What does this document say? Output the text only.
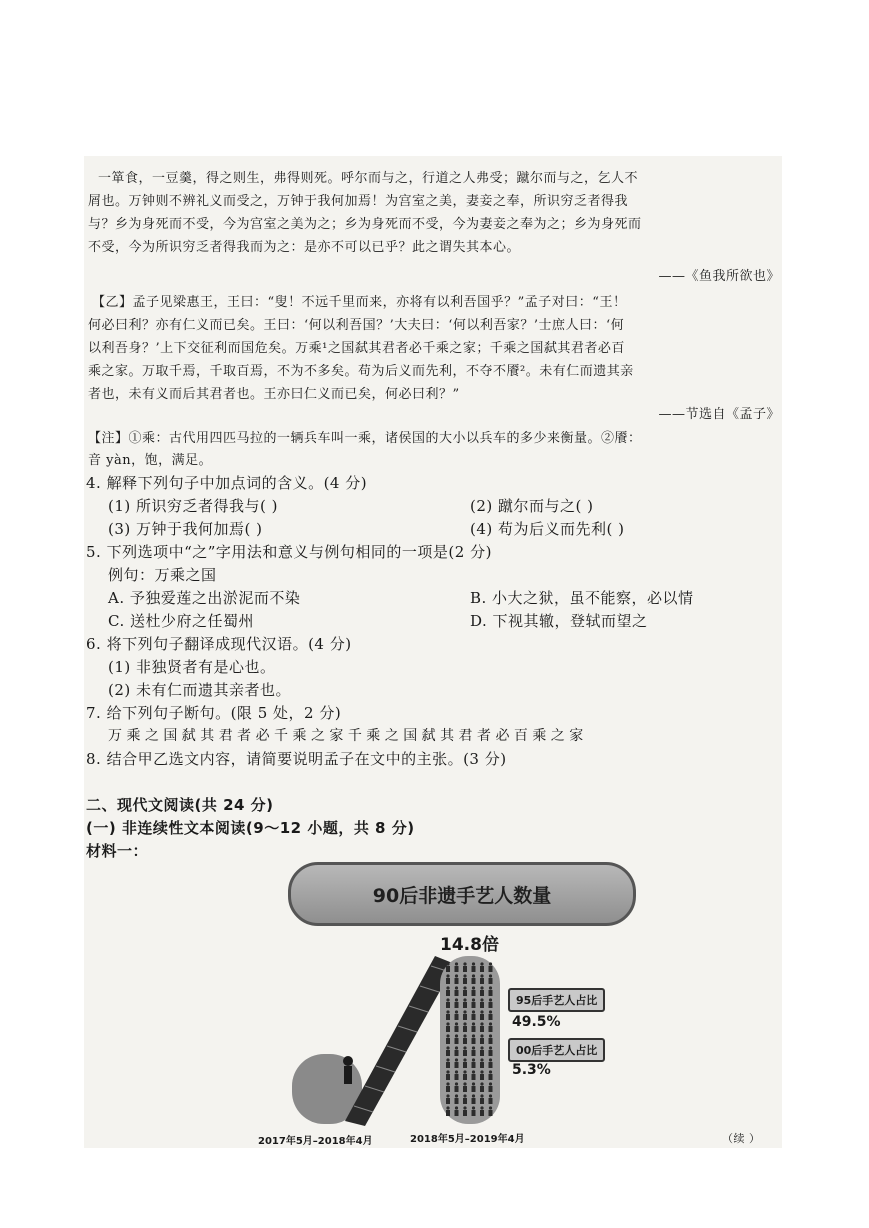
一箪食，一豆羹，得之则生，弗得则死。呼尔而与之，行道之人弗受；蹴尔而与之，乞人不
屑也。万钟则不辨礼义而受之，万钟于我何加焉！为宫室之美，妻妾之奉，所识穷乏者得我
与？乡为身死而不受，今为宫室之美为之；乡为身死而不受，今为妻妾之奉为之；乡为身死而
不受，今为所识穷乏者得我而为之：是亦不可以已乎？此之谓失其本心。
——《鱼我所欲也》
【乙】孟子见梁惠王，王曰：“叟！不远千里而来，亦将有以利吾国乎？”孟子对曰：“王！
何必曰利？亦有仁义而已矣。王曰：‘何以利吾国？’大夫曰：‘何以利吾家？’士庶人曰：‘何
以利吾身？’上下交征利而国危矣。万乘¹之国弑其君者必千乘之家；千乘之国弑其君者必百
乘之家。万取千焉，千取百焉，不为不多矣。苟为后义而先利，不夺不餍²。未有仁而遗其亲
者也，未有义而后其君者也。王亦曰仁义而已矣，何必曰利？”
——节选自《孟子》
【注】①乘：古代用四匹马拉的一辆兵车叫一乘，诸侯国的大小以兵车的多少来衡量。②餍：
音 yàn，饱，满足。
4. 解释下列句子中加点词的含义。(4 分)
(1) 所识穷乏者得我与( )	(2) 蹴尔而与之( )
(3) 万钟于我何加焉( )	(4) 苟为后义而先利( )
5. 下列选项中“之”字用法和意义与例句相同的一项是(2 分)
例句：万乘之国
A. 予独爱莲之出淤泥而不染	B. 小大之狱，虽不能察，必以情
C. 送杜少府之任蜀州	D. 下视其辙，登轼而望之
6. 将下列句子翻译成现代汉语。(4 分)
(1) 非独贤者有是心也。
(2) 未有仁而遗其亲者也。
7. 给下列句子断句。(限 5 处，2 分)
万 乘 之 国 弑 其 君 者 必 千 乘 之 家 千 乘 之 国 弑 其 君 者 必 百 乘 之 家
8. 结合甲乙选文内容，请简要说明孟子在文中的主张。(3 分)
二、现代文阅读(共 24 分)
(一) 非连续性文本阅读(9～12 小题，共 8 分)
材料一：
90后非遗手艺人数量
14.8倍
95后手艺人占比
49.5%
00后手艺人占比
5.3%
2017年5月–2018年4月	2018年5月–2019年4月	（续 ）
